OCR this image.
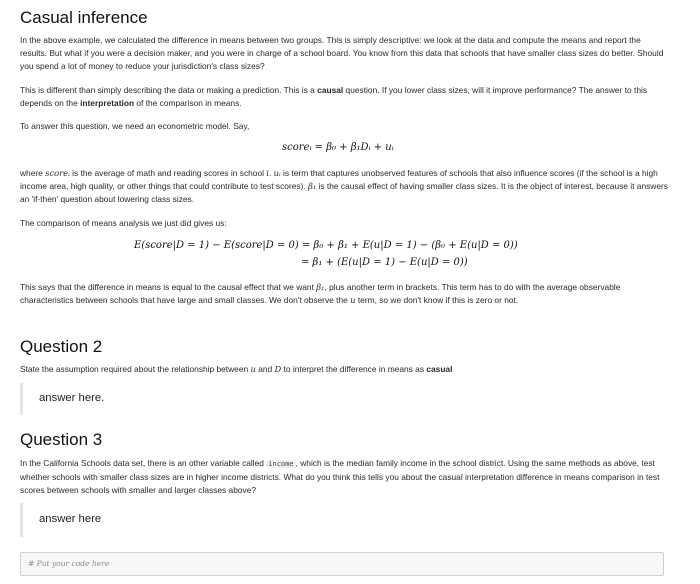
Casual inference

In the above example, we calculated the difference in means between two groups. This is simply descriptive: we look at the data and compute the means and report the results. But what if you were a decision maker, and you were in charge of a school board. You know from this data that schools that have smaller class sizes do better. Should you spend a lot of money to reduce your jurisdiction's class sizes?

This is different than simply describing the data or making a prediction. This is a causal question. If you lower class sizes, will it improve performance? The answer to this depends on the interpretation of the comparison in means.

To answer this question, we need an econometric model. Say,

scoreᵢ = β₀ + β₁Dᵢ + uᵢ

where scoreᵢ is the average of math and reading scores in school i. uᵢ is term that captures unobserved features of schools that also influence scores (if the school is a high income area, high quality, or other things that could contribute to test scores). β₁ is the causal effect of having smaller class sizes. It is the object of interest, because it answers an 'if-then' question about lowering class sizes.

The comparison of means analysis we just did gives us:

E(score|D = 1) − E(score|D = 0) = β₀ + β₁ + E(u|D = 1) − (β₀ + E(u|D = 0))
= β₁ + (E(u|D = 1) − E(u|D = 0))

This says that the difference in means is equal to the causal effect that we want β₁, plus another term in brackets. This term has to do with the average observable characteristics between schools that have large and small classes. We don't observe the u term, so we don't know if this is zero or not.

Question 2

State the assumption required about the relationship between u and D to interpret the difference in means as casual

answer here.
Question 3

In the California Schools data set, there is an other variable called income , which is the median family income in the school district. Using the same methods as above, test whether schools with smaller class sizes are in higher income districts. What do you think this tells you about the casual interpretation difference in means comparison in test scores between schools with smaller and larger classes above?

answer here
# Put your code here
